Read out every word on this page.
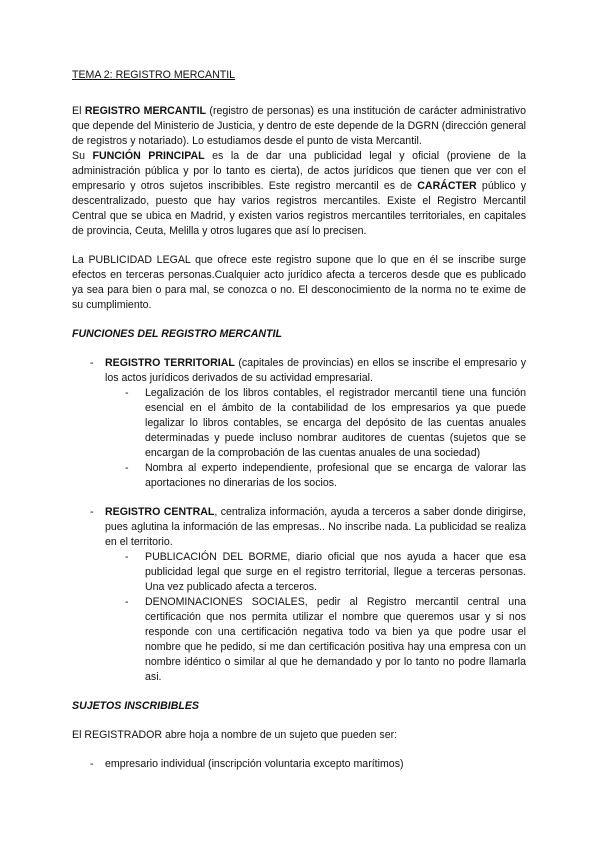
TEMA 2: REGISTRO MERCANTIL

El REGISTRO MERCANTIL (registro de personas) es una institución de carácter administrativo que depende del Ministerio de Justicia, y dentro de este depende de la DGRN (dirección general de registros y notariado). Lo estudiamos desde el punto de vista Mercantil.

Su FUNCIÓN PRINCIPAL es la de dar una publicidad legal y oficial (proviene de la administración pública y por lo tanto es cierta), de actos jurídicos que tienen que ver con el empresario y otros sujetos inscribibles. Este registro mercantil es de CARÁCTER público y descentralizado, puesto que hay varios registros mercantiles. Existe el Registro Mercantil Central que se ubica en Madrid, y existen varios registros mercantiles territoriales, en capitales de provincia, Ceuta, Melilla y otros lugares que así lo precisen.

La PUBLICIDAD LEGAL que ofrece este registro supone que lo que en él se inscribe surge efectos en terceras personas.Cualquier acto jurídico afecta a terceros desde que es publicado ya sea para bien o para mal, se conozca o no. El desconocimiento de la norma no te exime de su cumplimiento.

FUNCIONES DEL REGISTRO MERCANTIL

- REGISTRO TERRITORIAL (capitales de provincias) en ellos se inscribe el empresario y los actos jurídicos derivados de su actividad empresarial.
- Legalización de los libros contables, el registrador mercantil tiene una función esencial en el ámbito de la contabilidad de los empresarios ya que puede legalizar lo libros contables, se encarga del depósito de las cuentas anuales determinadas y puede incluso nombrar auditores de cuentas (sujetos que se encargan de la comprobación de las cuentas anuales de una sociedad)
- Nombra al experto independiente, profesional que se encarga de valorar las aportaciones no dinerarias de los socios.
- REGISTRO CENTRAL, centraliza información, ayuda a terceros a saber donde dirigirse, pues aglutina la información de las empresas.. No inscribe nada. La publicidad se realiza en el territorio.
- PUBLICACIÓN DEL BORME, diario oficial que nos ayuda a hacer que esa publicidad legal que surge en el registro territorial, llegue a terceras personas. Una vez publicado afecta a terceros.
- DENOMINACIONES SOCIALES, pedir al Registro mercantil central una certificación que nos permita utilizar el nombre que queremos usar y si nos responde con una certificación negativa todo va bien ya que podre usar el nombre que he pedido, si me dan certificación positiva hay una empresa con un nombre idéntico o similar al que he demandado y por lo tanto no podre llamarla asi.

SUJETOS INSCRIBIBLES

El REGISTRADOR abre hoja a nombre de un sujeto que pueden ser:

- empresario individual (inscripción voluntaria excepto marítimos)
